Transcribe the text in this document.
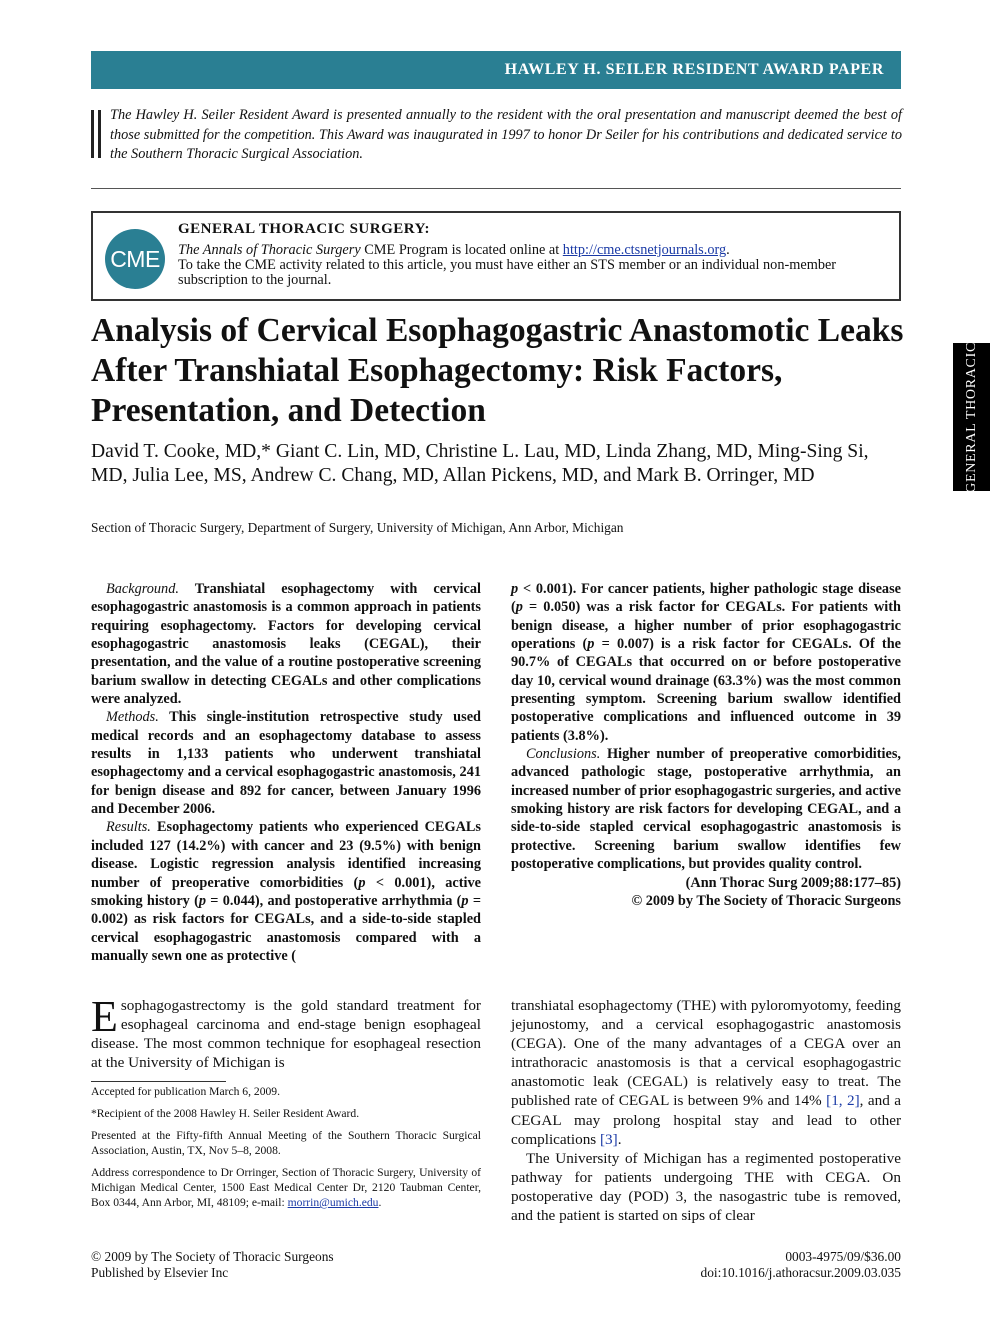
HAWLEY H. SEILER RESIDENT AWARD PAPER
The Hawley H. Seiler Resident Award is presented annually to the resident with the oral presentation and manuscript deemed the best of those submitted for the competition. This Award was inaugurated in 1997 to honor Dr Seiler for his contributions and dedicated service to the Southern Thoracic Surgical Association.
CME
GENERAL THORACIC SURGERY:
The Annals of Thoracic Surgery CME Program is located online at http://cme.ctsnetjournals.org.
To take the CME activity related to this article, you must have either an STS member or an individual non-member subscription to the journal.
GENERAL THORACIC
Analysis of Cervical Esophagogastric Anastomotic Leaks After Transhiatal Esophagectomy: Risk Factors, Presentation, and Detection
David T. Cooke, MD,* Giant C. Lin, MD, Christine L. Lau, MD, Linda Zhang, MD, Ming-Sing Si, MD, Julia Lee, MS, Andrew C. Chang, MD, Allan Pickens, MD, and Mark B. Orringer, MD
Section of Thoracic Surgery, Department of Surgery, University of Michigan, Ann Arbor, Michigan

Background. Transhiatal esophagectomy with cervical esophagogastric anastomosis is a common approach in patients requiring esophagectomy. Factors for developing cervical esophagogastric anastomosis leaks (CEGAL), their presentation, and the value of a routine postoperative screening barium swallow in detecting CEGALs and other complications were analyzed.

Methods. This single-institution retrospective study used medical records and an esophagectomy database to assess results in 1,133 patients who underwent transhiatal esophagectomy and a cervical esophagogastric anastomosis, 241 for benign disease and 892 for cancer, between January 1996 and December 2006.

Results. Esophagectomy patients who experienced CEGALs included 127 (14.2%) with cancer and 23 (9.5%) with benign disease. Logistic regression analysis identified increasing number of preoperative comorbidities (p < 0.001), active smoking history (p = 0.044), and postoperative arrhythmia (p = 0.002) as risk factors for CEGALs, and a side-to-side stapled cervical esophagogastric anastomosis compared with a manually sewn one as protective (

p < 0.001). For cancer patients, higher pathologic stage disease (p = 0.050) was a risk factor for CEGALs. For patients with benign disease, a higher number of prior esophagogastric operations (p = 0.007) is a risk factor for CEGALs. Of the 90.7% of CEGALs that occurred on or before postoperative day 10, cervical wound drainage (63.3%) was the most common presenting symptom. Screening barium swallow identified postoperative complications and influenced outcome in 39 patients (3.8%).

Conclusions. Higher number of preoperative comorbidities, advanced pathologic stage, postoperative arrhythmia, an increased number of prior esophagogastric surgeries, and active smoking history are risk factors for developing CEGAL, and a side-to-side stapled cervical esophagogastric anastomosis is protective. Screening barium swallow identifies few postoperative complications, but provides quality control.

(Ann Thorac Surg 2009;88:177–85)
© 2009 by The Society of Thoracic Surgeons

Esophagogastrectomy is the gold standard treatment for esophageal carcinoma and end-stage benign esophageal disease. The most common technique for esophageal resection at the University of Michigan is

Accepted for publication March 6, 2009.

*Recipient of the 2008 Hawley H. Seiler Resident Award.

Presented at the Fifty-fifth Annual Meeting of the Southern Thoracic Surgical Association, Austin, TX, Nov 5–8, 2008.

Address correspondence to Dr Orringer, Section of Thoracic Surgery, University of Michigan Medical Center, 1500 East Medical Center Dr, 2120 Taubman Center, Box 0344, Ann Arbor, MI, 48109; e-mail: morrin@umich.edu.

transhiatal esophagectomy (THE) with pyloromyotomy, feeding jejunostomy, and a cervical esophagogastric anastomosis (CEGA). One of the many advantages of a CEGA over an intrathoracic anastomosis is that a cervical esophagogastric anastomotic leak (CEGAL) is relatively easy to treat. The published rate of CEGAL is between 9% and 14% [1, 2], and a CEGAL may prolong hospital stay and lead to other complications [3].

The University of Michigan has a regimented postoperative pathway for patients undergoing THE with CEGA. On postoperative day (POD) 3, the nasogastric tube is removed, and the patient is started on sips of clear

© 2009 by The Society of Thoracic Surgeons
Published by Elsevier Inc
0003-4975/09/$36.00
doi:10.1016/j.athoracsur.2009.03.035
